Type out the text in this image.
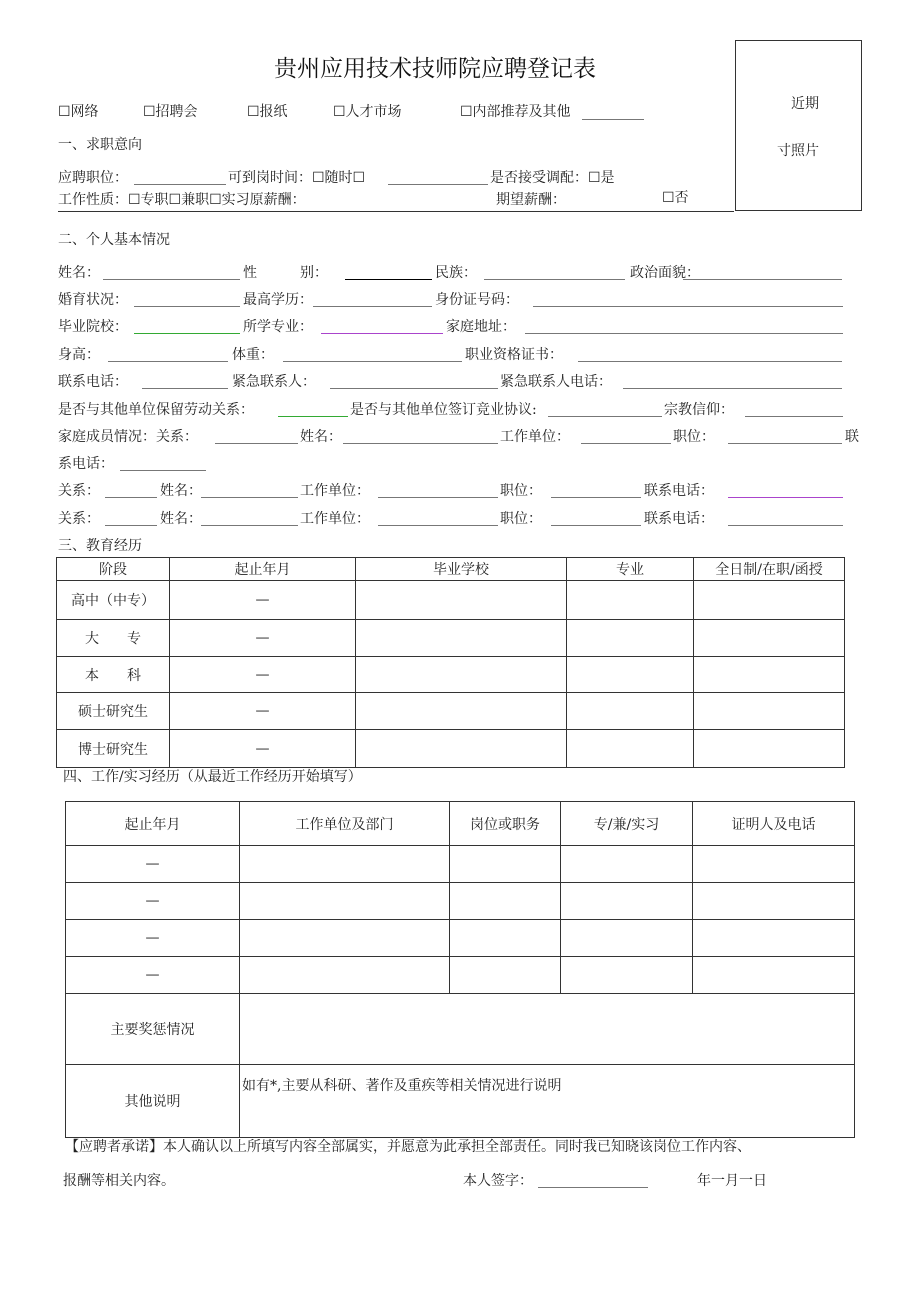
贵州应用技术技师院应聘登记表
近期
寸照片
☐网络	☐招聘会	☐报纸	☐人才市场	☐内部推荐及其他
一、求职意向
应聘职位：	可到岗时间：☐随时☐	是否接受调配：☐是
工作性质：☐专职☐兼职☐实习原薪酬：	期望薪酬：	☐否
二、个人基本情况
姓名：	性	别：	民族：	政治面貌：
婚育状况：	最高学历：	身份证号码：
毕业院校：	所学专业：	家庭地址：
身高：	体重：	职业资格证书：
联系电话：	紧急联系人：	紧急联系人电话：
是否与其他单位保留劳动关系：	是否与其他单位签订竞业协议:	宗教信仰：
家庭成员情况：关系：	姓名：	工作单位：	职位：	联
系电话：
关系：	姓名：	工作单位：	职位：	联系电话：
关系：	姓名：	工作单位：	职位：	联系电话：
三、教育经历
阶段	起止年月	毕业学校	专业	全日制/在职/函授
高中（中专）	—			
大　　专	—			
本　　科	—			
硕士研究生	—			
博士研究生	—			
四、工作/实习经历（从最近工作经历开始填写）
起止年月	工作单位及部门	岗位或职务	专/兼/实习	证明人及电话
—				
—				
—				
—				
主要奖惩情况				
其他说明	如有*,主要从科研、著作及重疾等相关情况进行说明			
【应聘者承诺】本人确认以上所填写内容全部属实，并愿意为此承担全部责任。同时我已知晓该岗位工作内容、
报酬等相关内容。	本人签字：	年一月一日
